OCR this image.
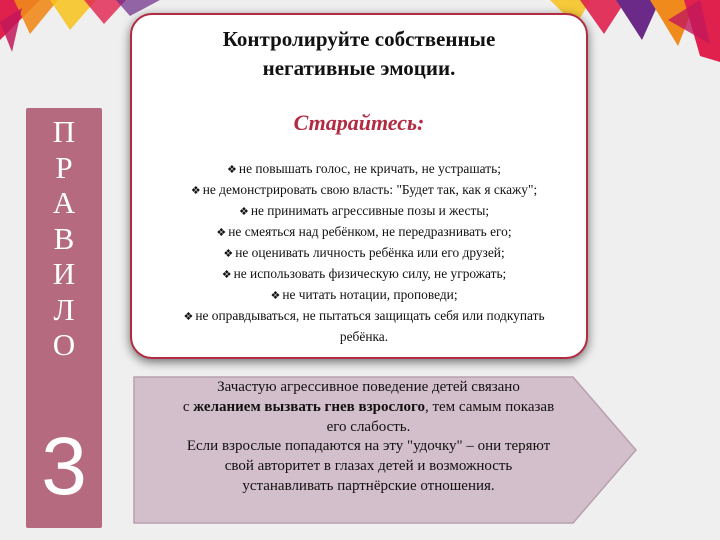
П
Р
А
В
И
Л
О
3
Контролируйте собственные
негативные эмоции.
Старайтесь:
❖ не повышать голос, не кричать, не устрашать;
❖ не демонстрировать свою власть: "Будет так, как я скажу";
❖ не принимать агрессивные позы и жесты;
❖ не смеяться над ребёнком, не передразнивать его;
❖ не оценивать личность ребёнка или его друзей;
❖ не использовать физическую силу, не угрожать;
❖ не читать нотации, проповеди;
❖ не оправдываться, не пытаться защищать себя или подкупать ребёнка.
Зачастую агрессивное поведение детей связано
с желанием вызвать гнев взрослого, тем самым показав
его слабость.
Если взрослые попадаются на эту "удочку" – они теряют
свой авторитет в глазах детей и возможность
устанавливать партнёрские отношения.
